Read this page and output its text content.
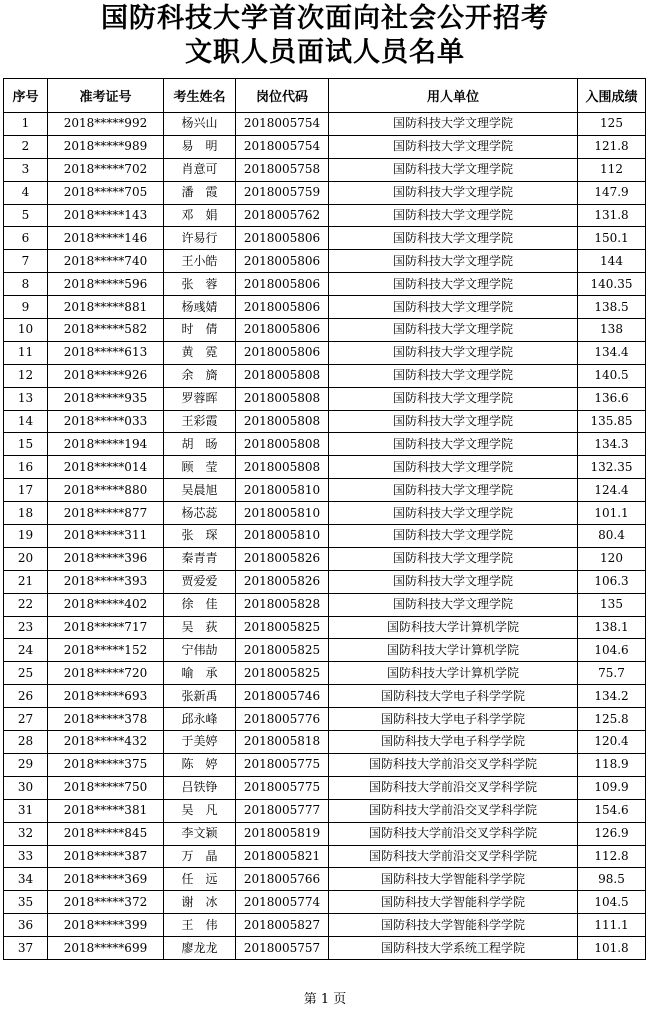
国防科技大学首次面向社会公开招考
文职人员面试人员名单
序号	准考证号	考生姓名	岗位代码	用人单位	入围成绩
1	2018*****992	杨兴山	2018005754	国防科技大学文理学院	125
2	2018*****989	易　明	2018005754	国防科技大学文理学院	121.8
3	2018*****702	肖意可	2018005758	国防科技大学文理学院	112
4	2018*****705	潘　霞	2018005759	国防科技大学文理学院	147.9
5	2018*****143	邓　娟	2018005762	国防科技大学文理学院	131.8
6	2018*****146	许易行	2018005806	国防科技大学文理学院	150.1
7	2018*****740	王小皓	2018005806	国防科技大学文理学院	144
8	2018*****596	张　蓉	2018005806	国防科技大学文理学院	140.35
9	2018*****881	杨彧婧	2018005806	国防科技大学文理学院	138.5
10	2018*****582	时　倩	2018005806	国防科技大学文理学院	138
11	2018*****613	黄　霓	2018005806	国防科技大学文理学院	134.4
12	2018*****926	余　旖	2018005808	国防科技大学文理学院	140.5
13	2018*****935	罗蓉晖	2018005808	国防科技大学文理学院	136.6
14	2018*****033	王彩霞	2018005808	国防科技大学文理学院	135.85
15	2018*****194	胡　旸	2018005808	国防科技大学文理学院	134.3
16	2018*****014	顾　莹	2018005808	国防科技大学文理学院	132.35
17	2018*****880	吴晨旭	2018005810	国防科技大学文理学院	124.4
18	2018*****877	杨芯蕊	2018005810	国防科技大学文理学院	101.1
19	2018*****311	张　琛	2018005810	国防科技大学文理学院	80.4
20	2018*****396	秦青青	2018005826	国防科技大学文理学院	120
21	2018*****393	贾爱爱	2018005826	国防科技大学文理学院	106.3
22	2018*****402	徐　佳	2018005828	国防科技大学文理学院	135
23	2018*****717	吴　荻	2018005825	国防科技大学计算机学院	138.1
24	2018*****152	宁伟劼	2018005825	国防科技大学计算机学院	104.6
25	2018*****720	喻　承	2018005825	国防科技大学计算机学院	75.7
26	2018*****693	张新禹	2018005746	国防科技大学电子科学学院	134.2
27	2018*****378	邱永峰	2018005776	国防科技大学电子科学学院	125.8
28	2018*****432	于美婷	2018005818	国防科技大学电子科学学院	120.4
29	2018*****375	陈　婷	2018005775	国防科技大学前沿交叉学科学院	118.9
30	2018*****750	吕铁铮	2018005775	国防科技大学前沿交叉学科学院	109.9
31	2018*****381	吴　凡	2018005777	国防科技大学前沿交叉学科学院	154.6
32	2018*****845	李文颖	2018005819	国防科技大学前沿交叉学科学院	126.9
33	2018*****387	万　晶	2018005821	国防科技大学前沿交叉学科学院	112.8
34	2018*****369	任　远	2018005766	国防科技大学智能科学学院	98.5
35	2018*****372	谢　冰	2018005774	国防科技大学智能科学学院	104.5
36	2018*****399	王　伟	2018005827	国防科技大学智能科学学院	111.1
37	2018*****699	廖龙龙	2018005757	国防科技大学系统工程学院	101.8
第 1 页
